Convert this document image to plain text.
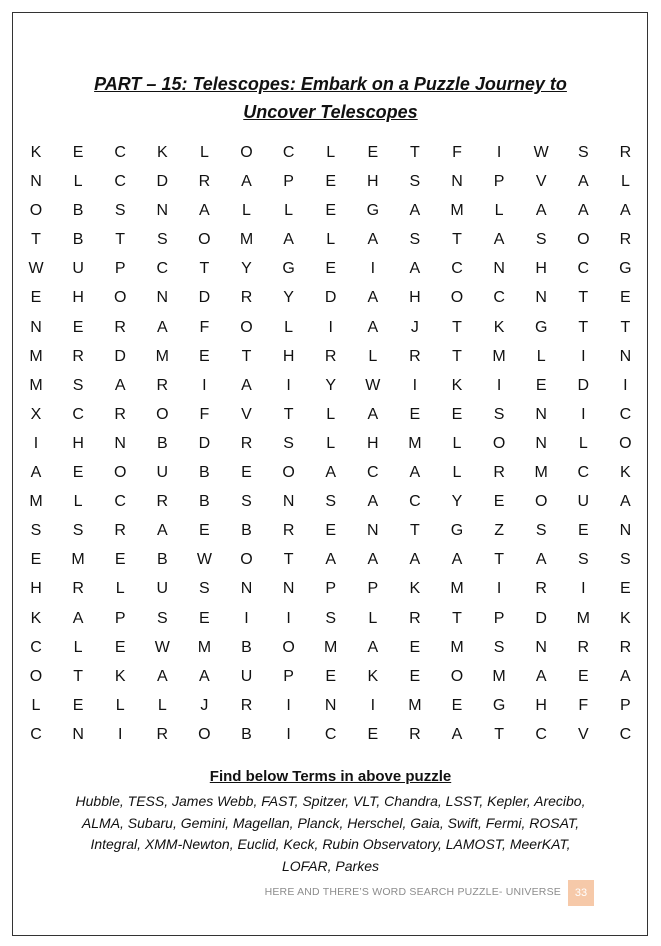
PART – 15: Telescopes: Embark on a Puzzle Journey to
Uncover Telescopes
K	E	C	K	L	O	C	L	E	T	F	I	W	S	R
N	L	C	D	R	A	P	E	H	S	N	P	V	A	L
O	B	S	N	A	L	L	E	G	A	M	L	A	A	A
T	B	T	S	O	M	A	L	A	S	T	A	S	O	R
W	U	P	C	T	Y	G	E	I	A	C	N	H	C	G
E	H	O	N	D	R	Y	D	A	H	O	C	N	T	E
N	E	R	A	F	O	L	I	A	J	T	K	G	T	T
M	R	D	M	E	T	H	R	L	R	T	M	L	I	N
M	S	A	R	I	A	I	Y	W	I	K	I	E	D	I
X	C	R	O	F	V	T	L	A	E	E	S	N	I	C
I	H	N	B	D	R	S	L	H	M	L	O	N	L	O
A	E	O	U	B	E	O	A	C	A	L	R	M	C	K
M	L	C	R	B	S	N	S	A	C	Y	E	O	U	A
S	S	R	A	E	B	R	E	N	T	G	Z	S	E	N
E	M	E	B	W	O	T	A	A	A	A	T	A	S	S
H	R	L	U	S	N	N	P	P	K	M	I	R	I	E
K	A	P	S	E	I	I	S	L	R	T	P	D	M	K
C	L	E	W	M	B	O	M	A	E	M	S	N	R	R
O	T	K	A	A	U	P	E	K	E	O	M	A	E	A
L	E	L	L	J	R	I	N	I	M	E	G	H	F	P
C	N	I	R	O	B	I	C	E	R	A	T	C	V	C
Find below Terms in above puzzle
Hubble, TESS, James Webb, FAST, Spitzer, VLT, Chandra, LSST, Kepler, Arecibo,
ALMA, Subaru, Gemini, Magellan, Planck, Herschel, Gaia, Swift, Fermi, ROSAT,
Integral, XMM-Newton, Euclid, Keck, Rubin Observatory, LAMOST, MeerKAT,
LOFAR, Parkes
HERE AND THERE’S WORD SEARCH PUZZLE- UNIVERSE	33
